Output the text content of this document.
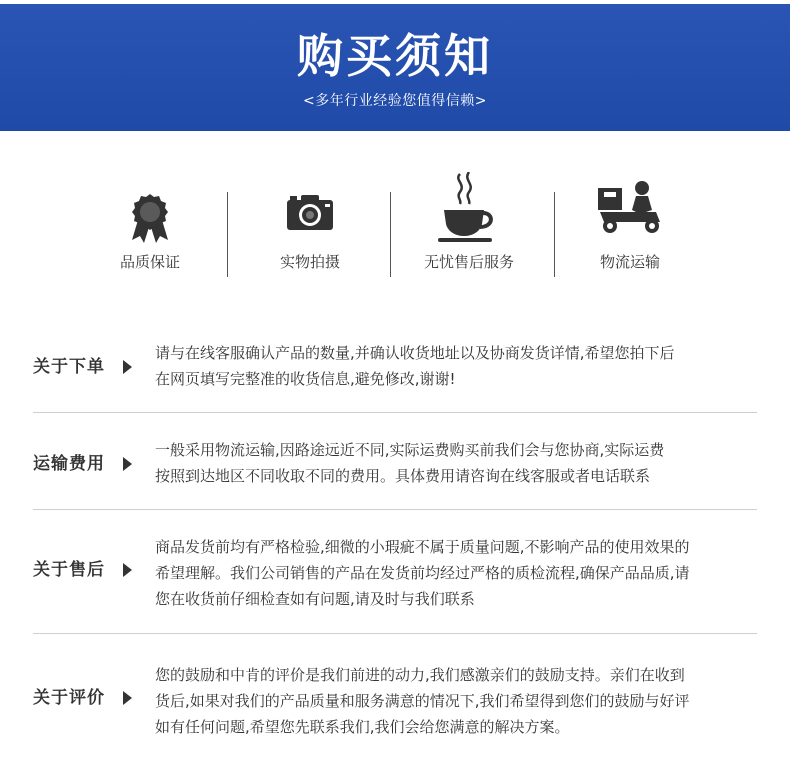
购买须知
<多年行业经验您值得信赖>
品质保证	实物拍摄	无忧售后服务	物流运输
关于下单
请与在线客服确认产品的数量,并确认收货地址以及协商发货详情,希望您拍下后
在网页填写完整准的收货信息,避免修改,谢谢!
运输费用
一般采用物流运输,因路途远近不同,实际运费购买前我们会与您协商,实际运费
按照到达地区不同收取不同的费用。具体费用请咨询在线客服或者电话联系
关于售后
商品发货前均有严格检验,细微的小瑕疵不属于质量问题,不影响产品的使用效果的
希望理解。我们公司销售的产品在发货前均经过严格的质检流程,确保产品品质,请
您在收货前仔细检查如有问题,请及时与我们联系
关于评价
您的鼓励和中肯的评价是我们前进的动力,我们感激亲们的鼓励支持。亲们在收到
货后,如果对我们的产品质量和服务满意的情况下,我们希望得到您们的鼓励与好评
如有任何问题,希望您先联系我们,我们会给您满意的解决方案。
